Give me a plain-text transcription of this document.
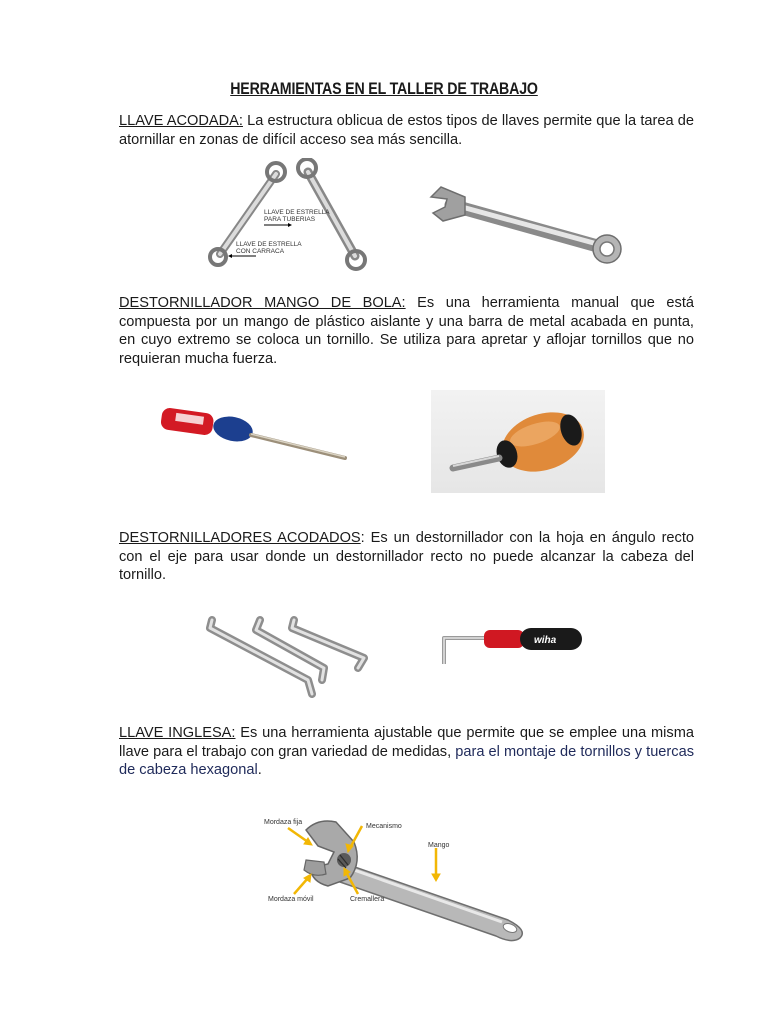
HERRAMIENTAS EN EL TALLER DE TRABAJO

LLAVE ACODADA: La estructura oblicua de estos tipos de llaves permite que la tarea de atornillar en zonas de difícil acceso sea más sencilla.

LLAVE DE ESTRELLA
PARA TUBERIAS
LLAVE DE ESTRELLA
CON CARRACA

DESTORNILLADOR MANGO DE BOLA: Es una herramienta manual que está compuesta por un mango de plástico aislante y una barra de metal acabada en punta, en cuyo extremo se coloca un tornillo. Se utiliza para apretar y aflojar tornillos que no requieran mucha fuerza.

DESTORNILLADORES ACODADOS: Es un destornillador con la hoja en ángulo recto con el eje para usar donde un destornillador recto no puede alcanzar la cabeza del tornillo.

wiha

LLAVE INGLESA: Es una herramienta ajustable que permite que se emplee una misma llave para el trabajo con gran variedad de medidas, para el montaje de tornillos y tuercas de cabeza hexagonal.

Mordaza fija
Mecanismo
Mango
Mordaza móvil	Cremallera
